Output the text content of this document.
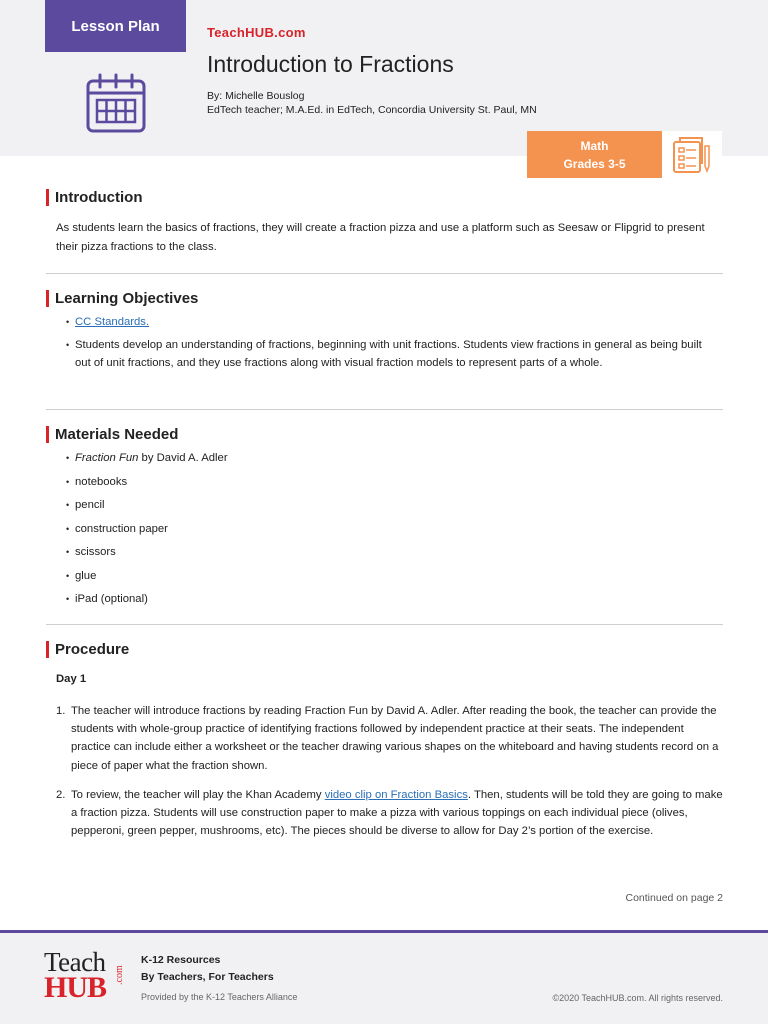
Lesson Plan	TeachHUB.com
Introduction to Fractions
By: Michelle Bouslog
EdTech teacher; M.A.Ed. in EdTech, Concordia University St. Paul, MN
Math
Grades 3-5
Introduction
As students learn the basics of fractions, they will create a fraction pizza and use a platform such as Seesaw or Flipgrid to present their pizza fractions to the class.
Learning Objectives
• CC Standards.
• Students develop an understanding of fractions, beginning with unit fractions. Students view fractions in general as being built out of unit fractions, and they use fractions along with visual fraction models to represent parts of a whole.
Materials Needed
• Fraction Fun by David A. Adler
• notebooks
• pencil
• construction paper
• scissors
• glue
• iPad (optional)
Procedure
Day 1
1. The teacher will introduce fractions by reading Fraction Fun by David A. Adler. After reading the book, the teacher can provide the students with whole-group practice of identifying fractions followed by independent practice at their seats. The independent practice can include either a worksheet or the teacher drawing various shapes on the whiteboard and having students record on a piece of paper what the fraction shown.
2. To review, the teacher will play the Khan Academy video clip on Fraction Basics. Then, students will be told they are going to make a fraction pizza. Students will use construction paper to make a pizza with various toppings on each individual piece (olives, pepperoni, green pepper, mushrooms, etc). The pieces should be diverse to allow for Day 2’s portion of the exercise.
Continued on page 2
Teach
HUB .com
K-12 Resources
By Teachers, For Teachers
Provided by the K-12 Teachers Alliance	©2020 TeachHUB.com. All rights reserved.
